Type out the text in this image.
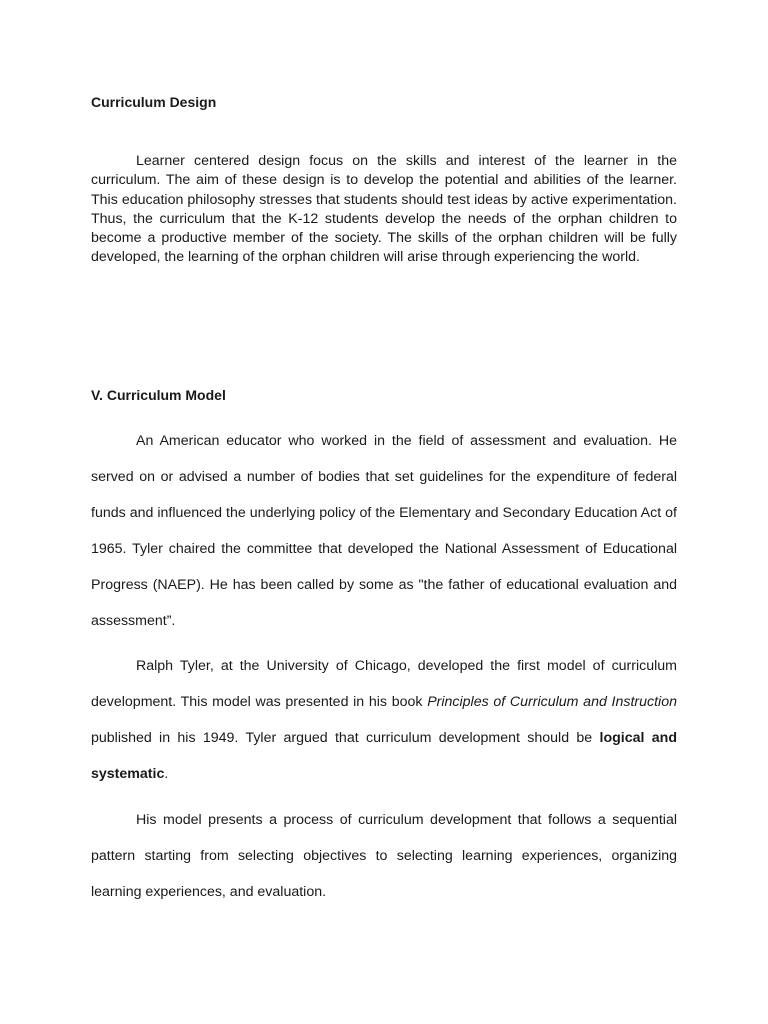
Curriculum Design

Learner centered design focus on the skills and interest of the learner in the curriculum. The aim of these design is to develop the potential and abilities of the learner. This education philosophy stresses that students should test ideas by active experimentation. Thus, the curriculum that the K-12 students develop the needs of the orphan children to become a productive member of the society. The skills of the orphan children will be fully developed, the learning of the orphan children will arise through experiencing the world.

V. Curriculum Model

An American educator who worked in the field of assessment and evaluation. He served on or advised a number of bodies that set guidelines for the expenditure of federal funds and influenced the underlying policy of the Elementary and Secondary Education Act of 1965. Tyler chaired the committee that developed the National Assessment of Educational Progress (NAEP). He has been called by some as "the father of educational evaluation and assessment”.

Ralph Tyler, at the University of Chicago, developed the first model of curriculum development. This model was presented in his book Principles of Curriculum and Instruction published in his 1949. Tyler argued that curriculum development should be logical and systematic.

His model presents a process of curriculum development that follows a sequential pattern starting from selecting objectives to selecting learning experiences, organizing learning experiences, and evaluation.
